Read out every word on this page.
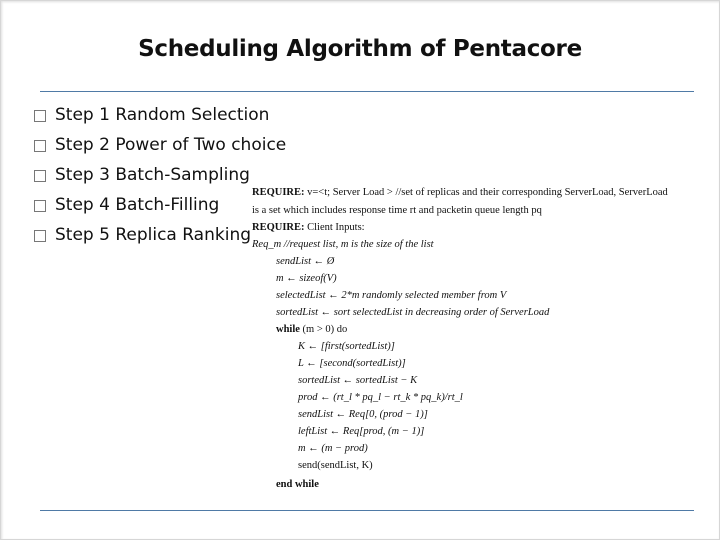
Scheduling Algorithm of Pentacore
Step 1 Random Selection
Step 2 Power of Two choice
Step 3 Batch-Sampling
Step 4 Batch-Filling
Step 5 Replica Ranking
REQUIRE: v=<t; Server Load > //set of replicas and their corresponding ServerLoad, ServerLoad
is a set which includes response time rt and packetin queue length pq
REQUIRE: Client Inputs:
Req_m //request list, m is the size of the list
sendList ← Ø
m ← sizeof(V)
selectedList ← 2*m randomly selected member from V
sortedList ← sort selectedList in decreasing order of ServerLoad
while (m > 0) do
K ← [first(sortedList)]
L ← [second(sortedList)]
sortedList ← sortedList − K
prod ← (rt_l * pq_l − rt_k * pq_k)/rt_l
sendList ← Req[0, (prod − 1)]
leftList ← Req[prod, (m − 1)]
m ← (m − prod)
send(sendList, K)
end while
